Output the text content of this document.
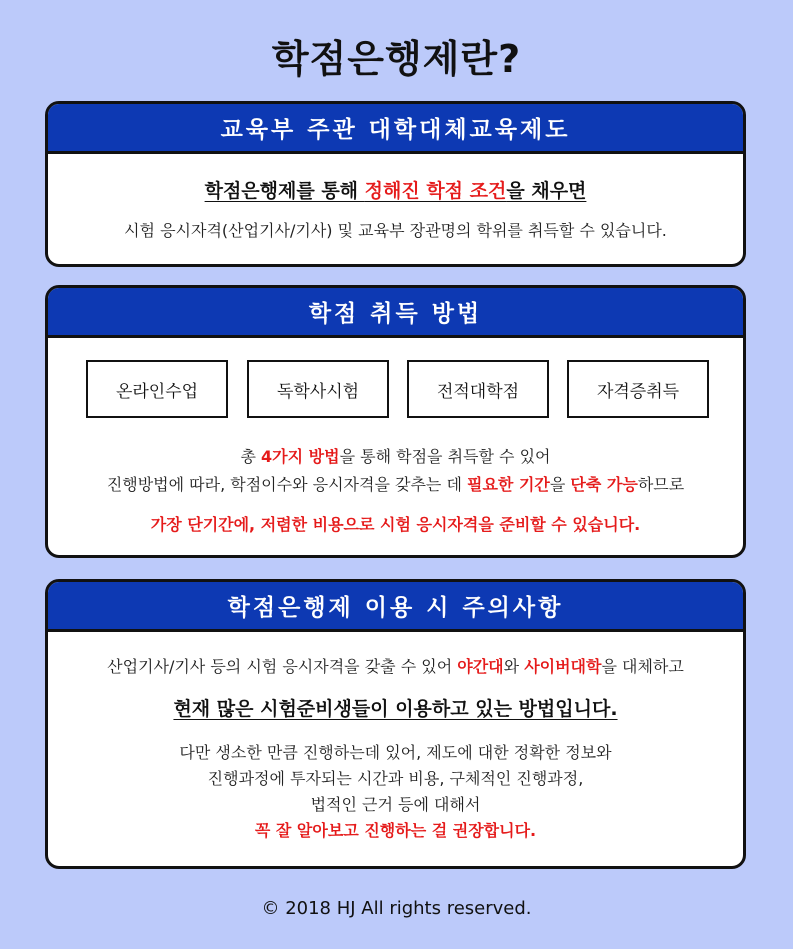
학점은행제란?
교육부 주관 대학대체교육제도
학점은행제를 통해 정해진 학점 조건을 채우면
시험 응시자격(산업기사/기사) 및 교육부 장관명의 학위를 취득할 수 있습니다.
학점 취득 방법
온라인수업	독학사시험	전적대학점	자격증취득
총 4가지 방법을 통해 학점을 취득할 수 있어
진행방법에 따라, 학점이수와 응시자격을 갖추는 데 필요한 기간을 단축 가능하므로
가장 단기간에, 저렴한 비용으로 시험 응시자격을 준비할 수 있습니다.
학점은행제 이용 시 주의사항
산업기사/기사 등의 시험 응시자격을 갖출 수 있어 야간대와 사이버대학을 대체하고
현재 많은 시험준비생들이 이용하고 있는 방법입니다.
다만 생소한 만큼 진행하는데 있어, 제도에 대한 정확한 정보와
진행과정에 투자되는 시간과 비용, 구체적인 진행과정,
법적인 근거 등에 대해서
꼭 잘 알아보고 진행하는 걸 권장합니다.
© 2018 HJ All rights reserved.
